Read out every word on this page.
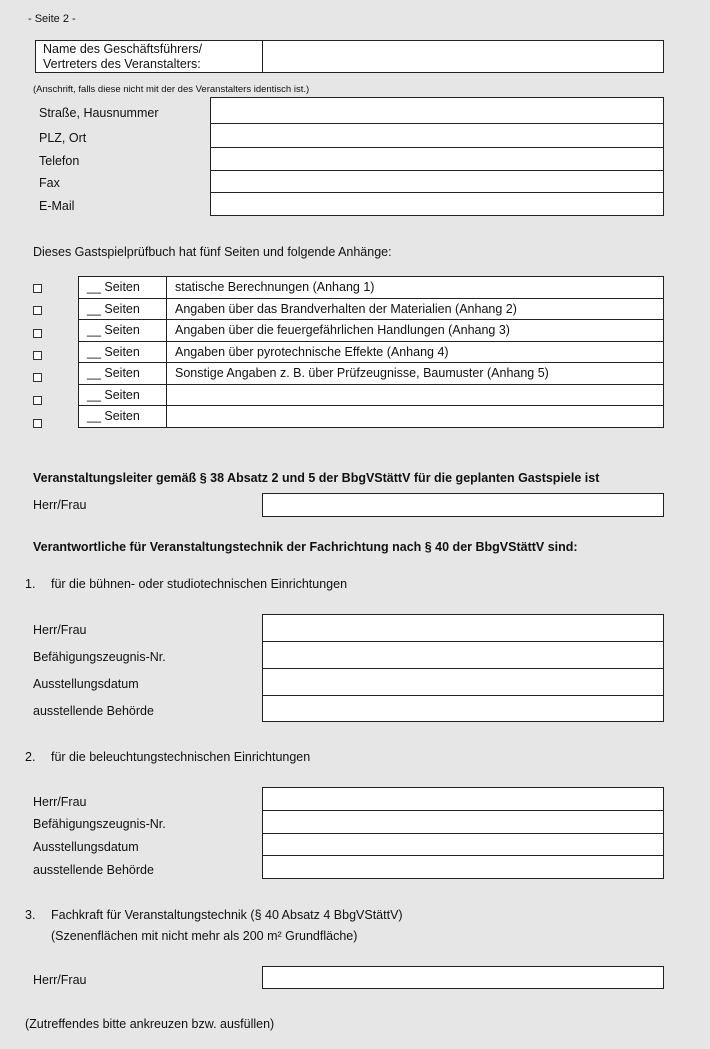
- Seite 2 -
Name des Geschäftsführers/
Vertreters des Veranstalters:
(Anschrift, falls diese nicht mit der des Veranstalters identisch ist.)
Straße, Hausnummer
PLZ, Ort
Telefon
Fax
E-Mail
Dieses Gastspielprüfbuch hat fünf Seiten und folgende Anhänge:
__ Seiten	statische Berechnungen (Anhang 1)
__ Seiten	Angaben über das Brandverhalten der Materialien (Anhang 2)
__ Seiten	Angaben über die feuergefährlichen Handlungen (Anhang 3)
__ Seiten	Angaben über pyrotechnische Effekte (Anhang 4)
__ Seiten	Sonstige Angaben z. B. über Prüfzeugnisse, Baumuster (Anhang 5)
__ Seiten	
__ Seiten	
Veranstaltungsleiter gemäß § 38 Absatz 2 und 5 der BbgVStättV für die geplanten Gastspiele ist
Herr/Frau
Verantwortliche für Veranstaltungstechnik der Fachrichtung nach § 40 der BbgVStättV sind:
1. für die bühnen- oder studiotechnischen Einrichtungen
Herr/Frau
Befähigungszeugnis-Nr.
Ausstellungsdatum
ausstellende Behörde
2. für die beleuchtungstechnischen Einrichtungen
Herr/Frau
Befähigungszeugnis-Nr.
Ausstellungsdatum
ausstellende Behörde
3. Fachkraft für Veranstaltungstechnik (§ 40 Absatz 4 BbgVStättV)
(Szenenflächen mit nicht mehr als 200 m² Grundfläche)
Herr/Frau
(Zutreffendes bitte ankreuzen bzw. ausfüllen)
